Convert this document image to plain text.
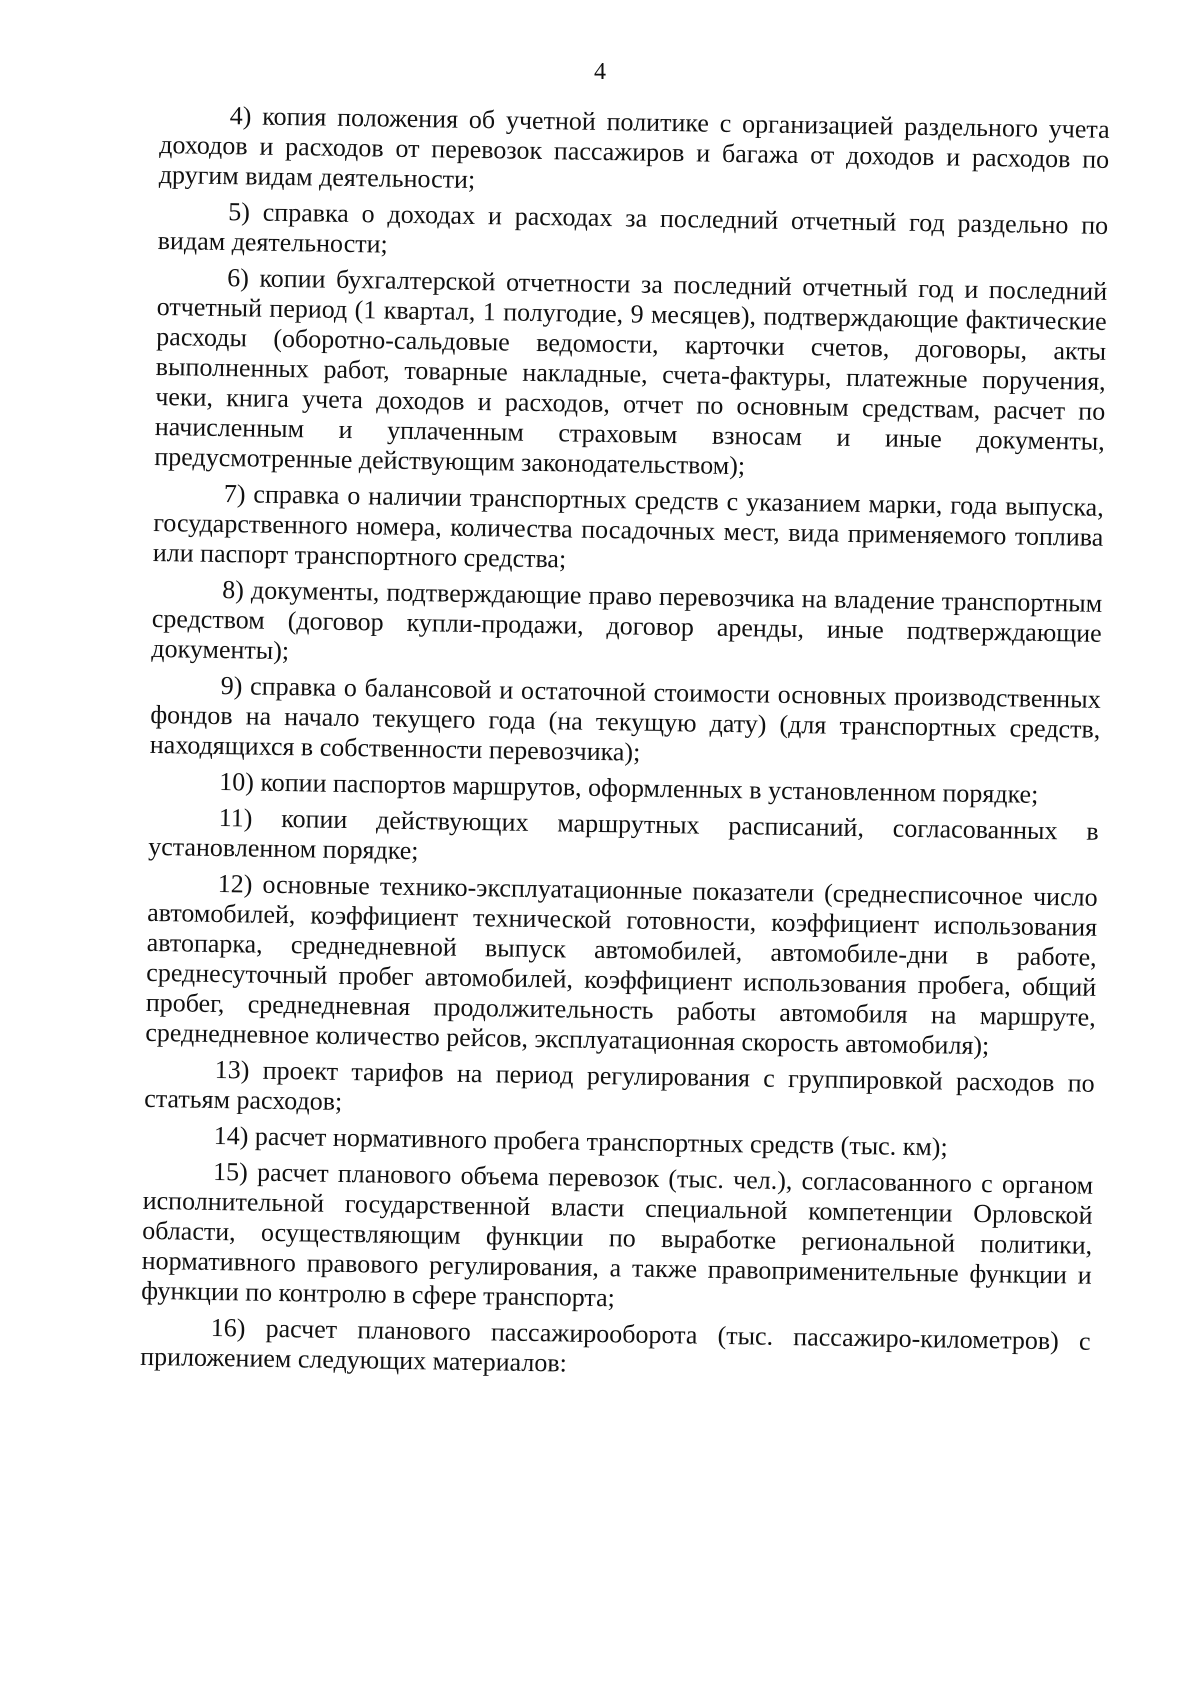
4

4) копия положения об учетной политике с организацией раздельного учета доходов и расходов от перевозок пассажиров и багажа от доходов и расходов по другим видам деятельности;

5) справка о доходах и расходах за последний отчетный год раздельно по видам деятельности;

6) копии бухгалтерской отчетности за последний отчетный год и последний отчетный период (1 квартал, 1 полугодие, 9 месяцев), подтверждающие фактические расходы (оборотно-сальдовые ведомости, карточки счетов, договоры, акты выполненных работ, товарные накладные, счета-фактуры, платежные поручения, чеки, книга учета доходов и расходов, отчет по основным средствам, расчет по начисленным и уплаченным страховым взносам и иные документы, предусмотренные действующим законодательством);

7) справка о наличии транспортных средств с указанием марки, года выпуска, государственного номера, количества посадочных мест, вида применяемого топлива или паспорт транспортного средства;

8) документы, подтверждающие право перевозчика на владение транспортным средством (договор купли-продажи, договор аренды, иные подтверждающие документы);

9) справка о балансовой и остаточной стоимости основных производственных фондов на начало текущего года (на текущую дату) (для транспортных средств, находящихся в собственности перевозчика);

10) копии паспортов маршрутов, оформленных в установленном порядке;

11) копии действующих маршрутных расписаний, согласованных в установленном порядке;

12) основные технико-эксплуатационные показатели (среднесписочное число автомобилей, коэффициент технической готовности, коэффициент использования автопарка, среднедневной выпуск автомобилей, автомобиле-дни в работе, среднесуточный пробег автомобилей, коэффициент использования пробега, общий пробег, среднедневная продолжительность работы автомобиля на маршруте, среднедневное количество рейсов, эксплуатационная скорость автомобиля);

13) проект тарифов на период регулирования с группировкой расходов по статьям расходов;

14) расчет нормативного пробега транспортных средств (тыс. км);

15) расчет планового объема перевозок (тыс. чел.), согласованного с органом исполнительной государственной власти специальной компетенции Орловской области, осуществляющим функции по выработке региональной политики, нормативного правового регулирования, а также правоприменительные функции и функции по контролю в сфере транспорта;

16) расчет планового пассажирооборота (тыс. пассажиро-километров) с приложением следующих материалов:
